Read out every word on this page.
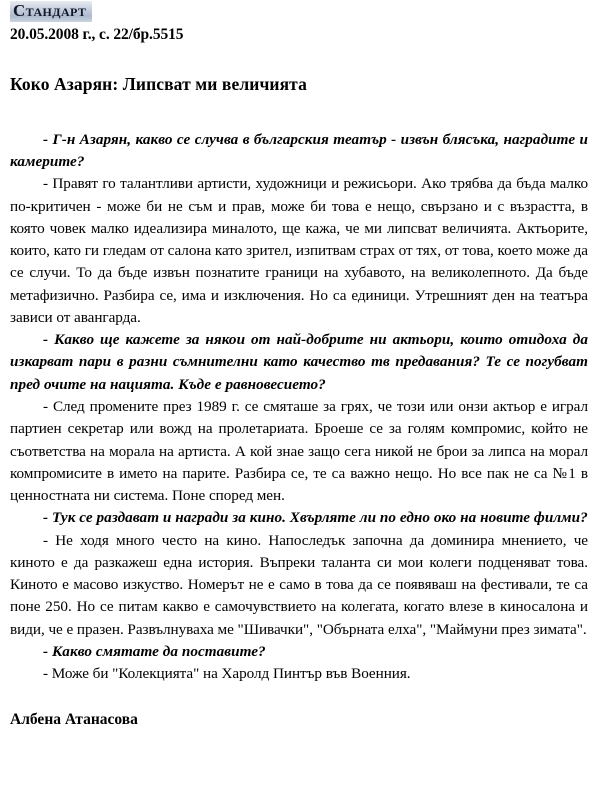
Стандарт
20.05.2008 г., с. 22/бр.5515
Коко Азарян: Липсват ми величията

- Г-н Азарян, какво се случва в българския театър - извън блясъка, наградите и камерите?

- Правят го талантливи артисти, художници и режисьори. Ако трябва да бъда малко по-критичен - може би не съм и прав, може би това е нещо, свързано и с възрастта, в която човек малко идеализира миналото, ще кажа, че ми липсват величията. Актьорите, които, като ги гледам от салона като зрител, изпитвам страх от тях, от това, което може да се случи. То да бъде извън познатите граници на хубавото, на великолепното. Да бъде метафизично. Разбира се, има и изключения. Но са единици. Утрешният ден на театъра зависи от авангарда.

- Какво ще кажете за някои от най-добрите ни актьори, които отидоха да изкарват пари в разни съмнителни като качество тв предавания? Те се погубват пред очите на нацията. Къде е равновесието?

- След промените през 1989 г. се смяташе за грях, че този или онзи актьор е играл партиен секретар или вожд на пролетариата. Броеше се за голям компромис, който не съответства на морала на артиста. А кой знае защо сега никой не брои за липса на морал компромисите в името на парите. Разбира се, те са важно нещо. Но все пак не са №1 в ценностната ни система. Поне според мен.

- Тук се раздават и награди за кино. Хвърляте ли по едно око на новите филми?

- Не ходя много често на кино. Напоследък започна да доминира мнението, че киното е да разкажеш една история. Въпреки таланта си мои колеги подценяват това. Киното е масово изкуство. Номерът не е само в това да се появяваш на фестивали, те са поне 250. Но се питам какво е самочувствието на колегата, когато влезе в киносалона и види, че е празен. Развълнуваха ме "Шивачки", "Обърната елха", "Маймуни през зимата".

- Какво смятате да поставите?

- Може би "Колекцията" на Харолд Пинтър във Военния.

Албена Атанасова
